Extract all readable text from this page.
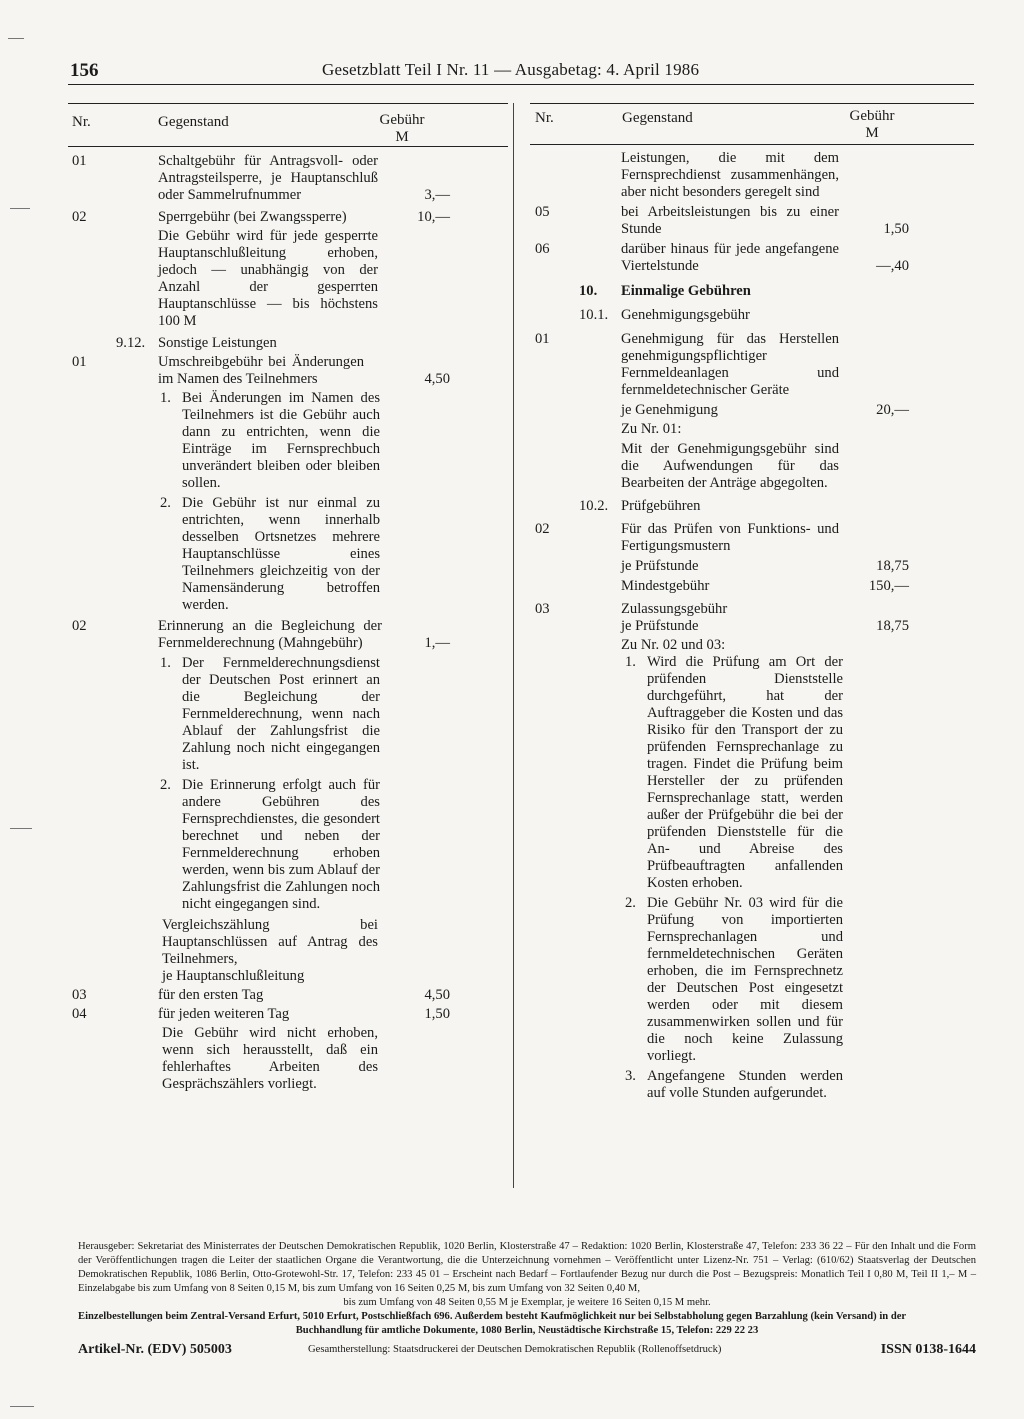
156	Gesetzblatt Teil I Nr. 11 — Ausgabetag: 4. April 1986
Nr.	Gegenstand	Gebühr
M
Nr.	Gegenstand	Gebühr
M
01	Schaltgebühr für Antragsvoll- oder Antragsteilsperre, je Hauptanschluß oder Sammelrufnummer	3,—
02	Sperrgebühr (bei Zwangssperre)	10,—
Die Gebühr wird für jede gesperrte Hauptanschlußleitung erhoben, jedoch — unabhängig von der Anzahl der gesperrten Hauptanschlüsse — bis höchstens 100 M
9.12. Sonstige Leistungen
01	Umschreibgebühr bei Änderungen im Namen des Teilnehmers	4,50
1. Bei Änderungen im Namen des Teilnehmers ist die Gebühr auch dann zu entrichten, wenn die Einträge im Fernsprechbuch unverändert bleiben oder bleiben sollen.
2. Die Gebühr ist nur einmal zu entrichten, wenn innerhalb desselben Ortsnetzes mehrere Hauptanschlüsse eines Teilnehmers gleichzeitig von der Namensänderung betroffen werden.
02	Erinnerung an die Begleichung der Fernmelderechnung (Mahngebühr)	1,—
1. Der Fernmelderechnungsdienst der Deutschen Post erinnert an die Begleichung der Fernmelderechnung, wenn nach Ablauf der Zahlungsfrist die Zahlung noch nicht eingegangen ist.
2. Die Erinnerung erfolgt auch für andere Gebühren des Fernsprechdienstes, die gesondert berechnet und neben der Fernmelderechnung erhoben werden, wenn bis zum Ablauf der Zahlungsfrist die Zahlungen noch nicht eingegangen sind.
Vergleichszählung bei Hauptanschlüssen auf Antrag des Teilnehmers,
je Hauptanschlußleitung
03	für den ersten Tag	4,50
04	für jeden weiteren Tag	1,50
Die Gebühr wird nicht erhoben, wenn sich herausstellt, daß ein fehlerhaftes Arbeiten des Gesprächszählers vorliegt.
Leistungen, die mit dem Fernsprechdienst zusammenhängen, aber nicht besonders geregelt sind
05	bei Arbeitsleistungen bis zu einer Stunde	1,50
06	darüber hinaus für jede angefangene Viertelstunde	—,40
10. Einmalige Gebühren
10.1. Genehmigungsgebühr
01	Genehmigung für das Herstellen genehmigungspflichtiger Fernmeldeanlagen und fernmeldetechnischer Geräte
je Genehmigung	20,—
Zu Nr. 01:
Mit der Genehmigungsgebühr sind die Aufwendungen für das Bearbeiten der Anträge abgegolten.
10.2. Prüfgebühren
02	Für das Prüfen von Funktions- und Fertigungsmustern
je Prüfstunde	18,75
Mindestgebühr	150,—
03	Zulassungsgebühr
je Prüfstunde	18,75
Zu Nr. 02 und 03:
1. Wird die Prüfung am Ort der prüfenden Dienststelle durchgeführt, hat der Auftraggeber die Kosten und das Risiko für den Transport der zu prüfenden Fernsprechanlage zu tragen. Findet die Prüfung beim Hersteller der zu prüfenden Fernsprechanlage statt, werden außer der Prüfgebühr die bei der prüfenden Dienststelle für die An- und Abreise des Prüfbeauftragten anfallenden Kosten erhoben.
2. Die Gebühr Nr. 03 wird für die Prüfung von importierten Fernsprechanlagen und fernmeldetechnischen Geräten erhoben, die im Fernsprechnetz der Deutschen Post eingesetzt werden oder mit diesem zusammenwirken sollen und für die noch keine Zulassung vorliegt.
3. Angefangene Stunden werden auf volle Stunden aufgerundet.

Herausgeber: Sekretariat des Ministerrates der Deutschen Demokratischen Republik, 1020 Berlin, Klosterstraße 47 – Redaktion: 1020 Berlin, Klosterstraße 47, Telefon: 233 36 22 – Für den Inhalt und die Form der Veröffentlichungen tragen die Leiter der staatlichen Organe die Verantwortung, die die Unterzeichnung vornehmen – Veröffentlicht unter Lizenz-Nr. 751 – Verlag: (610/62) Staatsverlag der Deutschen Demokratischen Republik, 1086 Berlin, Otto-Grotewohl-Str. 17, Telefon: 233 45 01 – Erscheint nach Bedarf – Fortlaufender Bezug nur durch die Post – Bezugspreis: Monatlich Teil I 0,80 M, Teil II 1,– M – Einzelabgabe bis zum Umfang von 8 Seiten 0,15 M, bis zum Umfang von 16 Seiten 0,25 M, bis zum Umfang von 32 Seiten 0,40 M,

bis zum Umfang von 48 Seiten 0,55 M je Exemplar, je weitere 16 Seiten 0,15 M mehr.

Einzelbestellungen beim Zentral-Versand Erfurt, 5010 Erfurt, Postschließfach 696. Außerdem besteht Kaufmöglichkeit nur bei Selbstabholung gegen Barzahlung (kein Versand) in der

Buchhandlung für amtliche Dokumente, 1080 Berlin, Neustädtische Kirchstraße 15, Telefon: 229 22 23

Artikel-Nr. (EDV) 505003	Gesamtherstellung: Staatsdruckerei der Deutschen Demokratischen Republik (Rollenoffsetdruck)	ISSN 0138-1644
